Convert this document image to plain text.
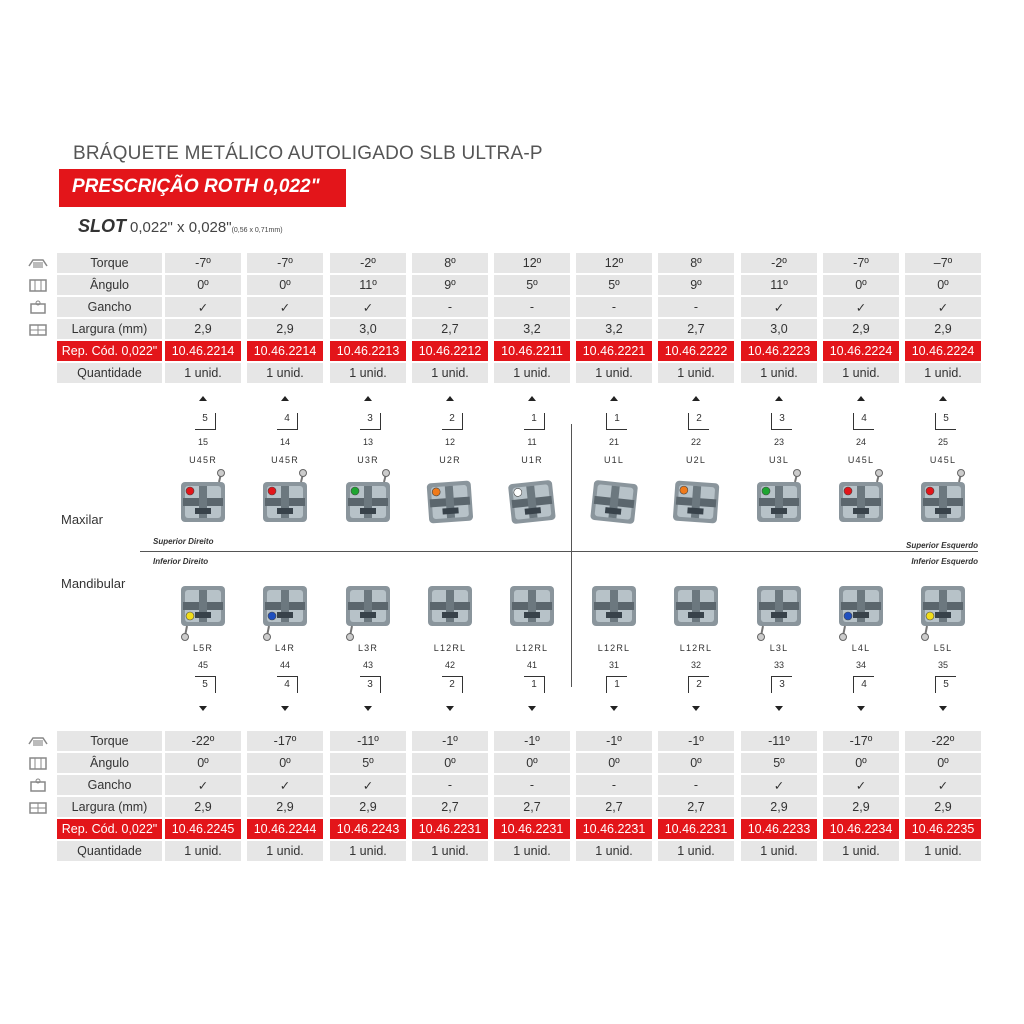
BRÁQUETE METÁLICO AUTOLIGADO SLB ULTRA-P
PRESCRIÇÃO ROTH 0,022"
SLOT 0,022" x 0,028"(0,56 x 0,71mm)
Torque	-7º	-7º	-2º	8º	12º	12º	8º	-2º	-7º	–7º
Ângulo	0º	0º	11º	9º	5º	5º	9º	11º	0º	0º
Gancho	✓	✓	✓	-	-	-	-	✓	✓	✓
Largura (mm)	2,9	2,9	3,0	2,7	3,2	3,2	2,7	3,0	2,9	2,9
Rep. Cód. 0,022"	10.46.2214	10.46.2214	10.46.2213	10.46.2212	10.46.2211	10.46.2221	10.46.2222	10.46.2223	10.46.2224	10.46.2224
Quantidade	1 unid.	1 unid.	1 unid.	1 unid.	1 unid.	1 unid.	1 unid.	1 unid.	1 unid.	1 unid.
Torque	-22º	-17º	-11º	-1º	-1º	-1º	-1º	-11º	-17º	-22º
Ângulo	0º	0º	5º	0º	0º	0º	0º	5º	0º	0º
Gancho	✓	✓	✓	-	-	-	-	✓	✓	✓
Largura (mm)	2,9	2,9	2,9	2,7	2,7	2,7	2,7	2,9	2,9	2,9
Rep. Cód. 0,022"	10.46.2245	10.46.2244	10.46.2243	10.46.2231	10.46.2231	10.46.2231	10.46.2231	10.46.2233	10.46.2234	10.46.2235
Quantidade	1 unid.	1 unid.	1 unid.	1 unid.	1 unid.	1 unid.	1 unid.	1 unid.	1 unid.	1 unid.
Maxilar
Mandibular
Superior Direito	Superior Esquerdo
Inferior Direito	Inferior Esquerdo
5
15
U45R
4
14
U45R
3
13
U3R
2
12
U2R
1
11
U1R
1
21
U1L
2
22
U2L
3
23
U3L
4
24
U45L
5
25
U45L
L5R
45
5
L4R
44
4
L3R
43
3
L12RL
42
2
L12RL
41
1
L12RL
31
1
L12RL
32
2
L3L
33
3
L4L
34
4
L5L
35
5
